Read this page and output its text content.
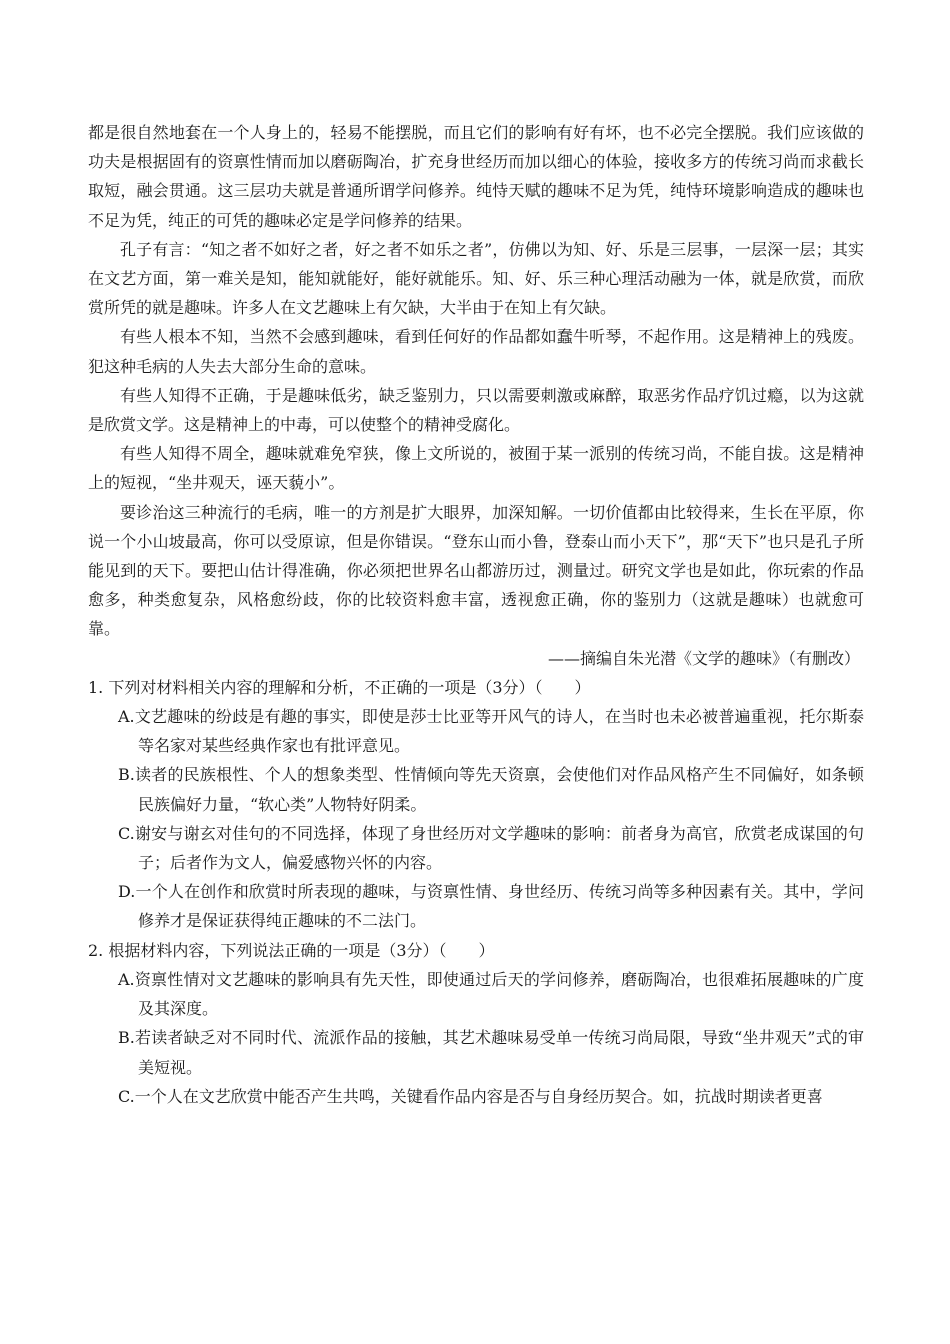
都是很自然地套在一个人身上的，轻易不能摆脱，而且它们的影响有好有坏，也不必完全摆脱。我们应该做的功夫是根据固有的资禀性情而加以磨砺陶冶，扩充身世经历而加以细心的体验，接收多方的传统习尚而求截长取短，融会贯通。这三层功夫就是普通所谓学问修养。纯恃天赋的趣味不足为凭，纯恃环境影响造成的趣味也不足为凭，纯正的可凭的趣味必定是学问修养的结果。

孔子有言：“知之者不如好之者，好之者不如乐之者”，仿佛以为知、好、乐是三层事，一层深一层；其实在文艺方面，第一难关是知，能知就能好，能好就能乐。知、好、乐三种心理活动融为一体，就是欣赏，而欣赏所凭的就是趣味。许多人在文艺趣味上有欠缺，大半由于在知上有欠缺。

有些人根本不知，当然不会感到趣味，看到任何好的作品都如蠢牛听琴，不起作用。这是精神上的残废。犯这种毛病的人失去大部分生命的意味。

有些人知得不正确，于是趣味低劣，缺乏鉴别力，只以需要刺激或麻醉，取恶劣作品疗饥过瘾，以为这就是欣赏文学。这是精神上的中毒，可以使整个的精神受腐化。

有些人知得不周全，趣味就难免窄狭，像上文所说的，被囿于某一派别的传统习尚，不能自拔。这是精神上的短视，“坐井观天，诬天藐小”。

要诊治这三种流行的毛病，唯一的方剂是扩大眼界，加深知解。一切价值都由比较得来，生长在平原，你说一个小山坡最高，你可以受原谅，但是你错误。“登东山而小鲁，登泰山而小天下”，那“天下”也只是孔子所能见到的天下。要把山估计得准确，你必须把世界名山都游历过，测量过。研究文学也是如此，你玩索的作品愈多，种类愈复杂，风格愈纷歧，你的比较资料愈丰富，透视愈正确，你的鉴别力（这就是趣味）也就愈可靠。

——摘编自朱光潜《文学的趣味》（有删改）

1. 下列对材料相关内容的理解和分析，不正确的一项是（3分）（　　）

A.文艺趣味的纷歧是有趣的事实，即使是莎士比亚等开风气的诗人，在当时也未必被普遍重视，托尔斯泰等名家对某些经典作家也有批评意见。

B.读者的民族根性、个人的想象类型、性情倾向等先天资禀，会使他们对作品风格产生不同偏好，如条顿民族偏好力量，“软心类”人物特好阴柔。

C.谢安与谢玄对佳句的不同选择，体现了身世经历对文学趣味的影响：前者身为高官，欣赏老成谋国的句子；后者作为文人，偏爱感物兴怀的内容。

D.一个人在创作和欣赏时所表现的趣味，与资禀性情、身世经历、传统习尚等多种因素有关。其中，学问修养才是保证获得纯正趣味的不二法门。

2. 根据材料内容，下列说法正确的一项是（3分）（　　）

A.资禀性情对文艺趣味的影响具有先天性，即使通过后天的学问修养，磨砺陶冶，也很难拓展趣味的广度及其深度。

B.若读者缺乏对不同时代、流派作品的接触，其艺术趣味易受单一传统习尚局限，导致“坐井观天”式的审美短视。

C.一个人在文艺欣赏中能否产生共鸣，关键看作品内容是否与自身经历契合。如，抗战时期读者更喜
